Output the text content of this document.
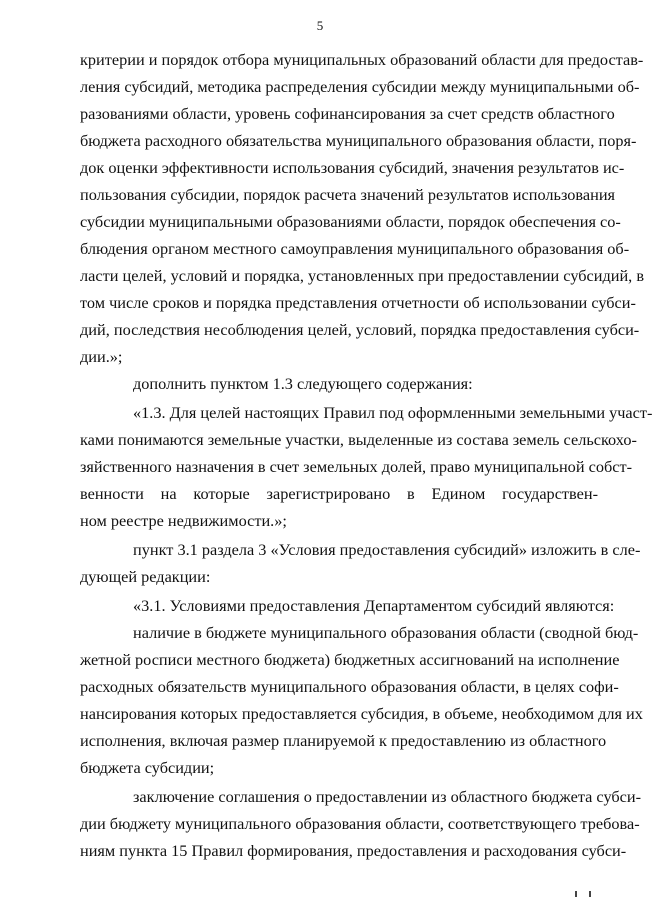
5
критерии и порядок отбора муниципальных образований области для предостав-
ления субсидий, методика распределения субсидии между муниципальными об-
разованиями области, уровень софинансирования за счет средств областного
бюджета расходного обязательства муниципального образования области, поря-
док оценки эффективности использования субсидий, значения результатов ис-
пользования субсидии, порядок расчета значений результатов использования
субсидии муниципальными образованиями области, порядок обеспечения со-
блюдения органом местного самоуправления муниципального образования об-
ласти целей, условий и порядка, установленных при предоставлении субсидий, в
том числе сроков и порядка представления отчетности об использовании субси-
дий, последствия несоблюдения целей, условий, порядка предоставления субси-
дии.»;
дополнить пунктом 1.3 следующего содержания:
«1.3. Для целей настоящих Правил под оформленными земельными участ-
ками понимаются земельные участки, выделенные из состава земель сельскохо-
зяйственного назначения в счет земельных долей, право муниципальной собст-
венности на которые зарегистрировано в Едином государствен-
ном реестре недвижимости.»;
пункт 3.1 раздела 3 «Условия предоставления субсидий» изложить в сле-
дующей редакции:
«3.1. Условиями предоставления Департаментом субсидий являются:
наличие в бюджете муниципального образования области (сводной бюд-
жетной росписи местного бюджета) бюджетных ассигнований на исполнение
расходных обязательств муниципального образования области, в целях софи-
нансирования которых предоставляется субсидия, в объеме, необходимом для их
исполнения, включая размер планируемой к предоставлению из областного
бюджета субсидии;
заключение соглашения о предоставлении из областного бюджета субси-
дии бюджету муниципального образования области, соответствующего требова-
ниям пункта 15 Правил формирования, предоставления и расходования субси-
